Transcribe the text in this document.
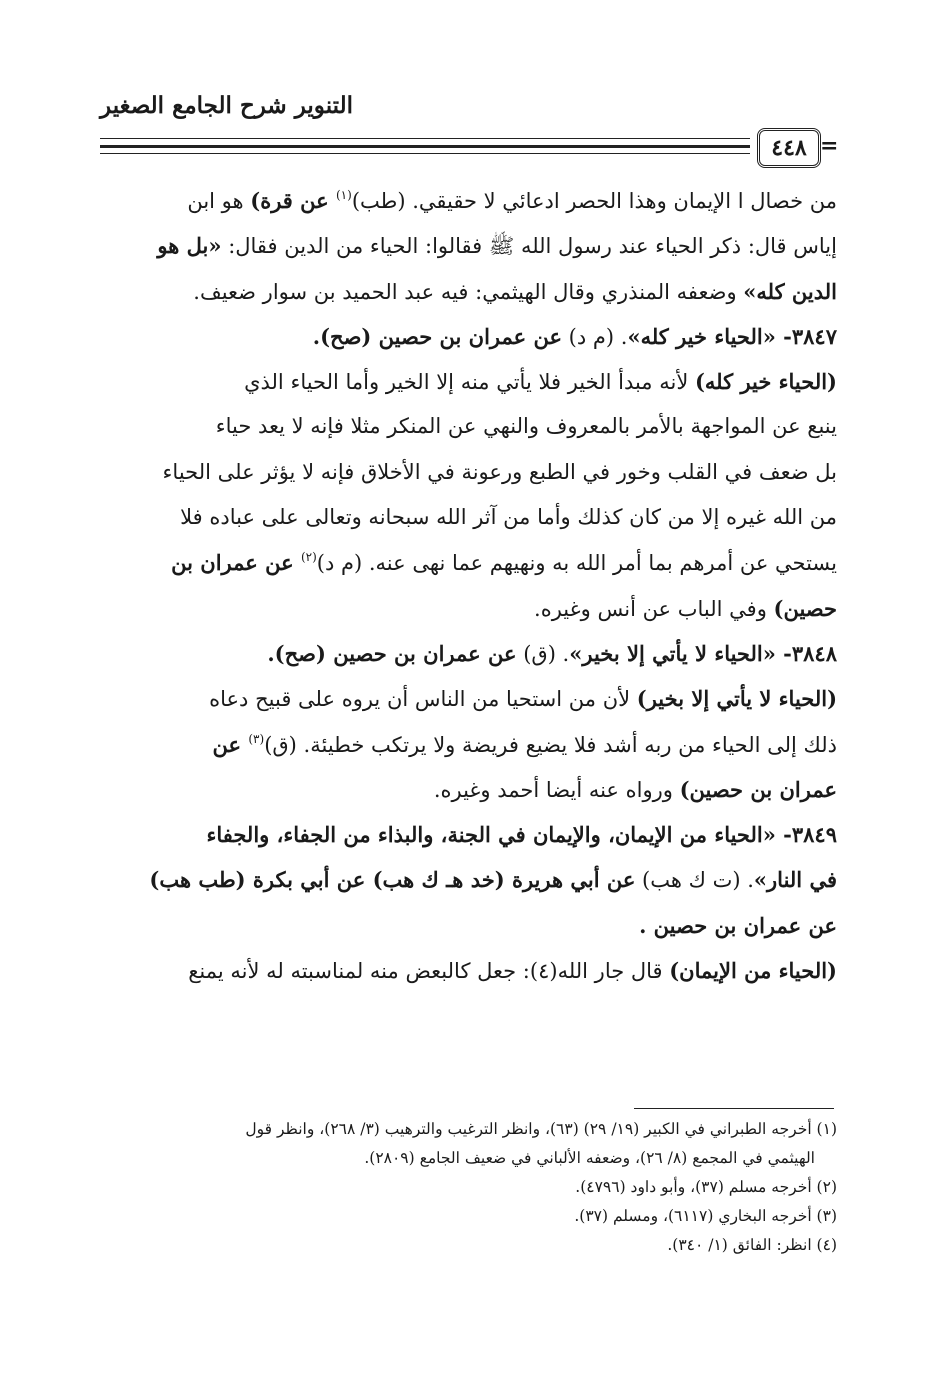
التنوير شرح الجامع الصغير
٤٤٨ =
من خصال ا الإيمان وهذا الحصر ادعائي لا حقيقي. (طب)$^{(١)}$ عن قرة) هو ابن
إياس قال: ذكر الحياء عند رسول الله ﷺ فقالوا: الحياء من الدين فقال: «بل هو
الدين كله» وضعفه المنذري وقال الهيثمي: فيه عبد الحميد بن سوار ضعيف.
٣٨٤٧- «الحياء خير كله». (م د) عن عمران بن حصين (صح).
(الحياء خير كله) لأنه مبدأ الخير فلا يأتي منه إلا الخير وأما الحياء الذي
ينبع عن المواجهة بالأمر بالمعروف والنهي عن المنكر مثلا فإنه لا يعد حياء
بل ضعف في القلب وخور في الطبع ورعونة في الأخلاق فإنه لا يؤثر على الحياء
من الله غيره إلا من كان كذلك وأما من آثر الله سبحانه وتعالى على عباده فلا
يستحي عن أمرهم بما أمر الله به ونهيهم عما نهى عنه. (م د)$^{(٢)}$ عن عمران بن
حصين) وفي الباب عن أنس وغيره.
٣٨٤٨- «الحياء لا يأتي إلا بخير». (ق) عن عمران بن حصين (صح).
(الحياء لا يأتي إلا بخير) لأن من استحيا من الناس أن يروه على قبيح دعاه
ذلك إلى الحياء من ربه أشد فلا يضيع فريضة ولا يرتكب خطيئة. (ق)$^{(٣)}$ عن
عمران بن حصين) ورواه عنه أيضا أحمد وغيره.
٣٨٤٩- «الحياء من الإيمان، والإيمان في الجنة، والبذاء من الجفاء، والجفاء
في النار». (ت ك هب) عن أبي هريرة (خد هـ ك هب) عن أبي بكرة (طب هب)
عن عمران بن حصين .
(الحياء من الإيمان) قال جار الله(٤): جعل كالبعض منه لمناسبته له لأنه يمنع
(١) أخرجه الطبراني في الكبير (١٩/ ٢٩) (٦٣)، وانظر الترغيب والترهيب (٣/ ٢٦٨)، وانظر قول
الهيثمي في المجمع (٨/ ٢٦)، وضعفه الألباني في ضعيف الجامع (٢٨٠٩).
(٢) أخرجه مسلم (٣٧)، وأبو داود (٤٧٩٦).
(٣) أخرجه البخاري (٦١١٧)، ومسلم (٣٧).
(٤) انظر: الفائق (١/ ٣٤٠).
